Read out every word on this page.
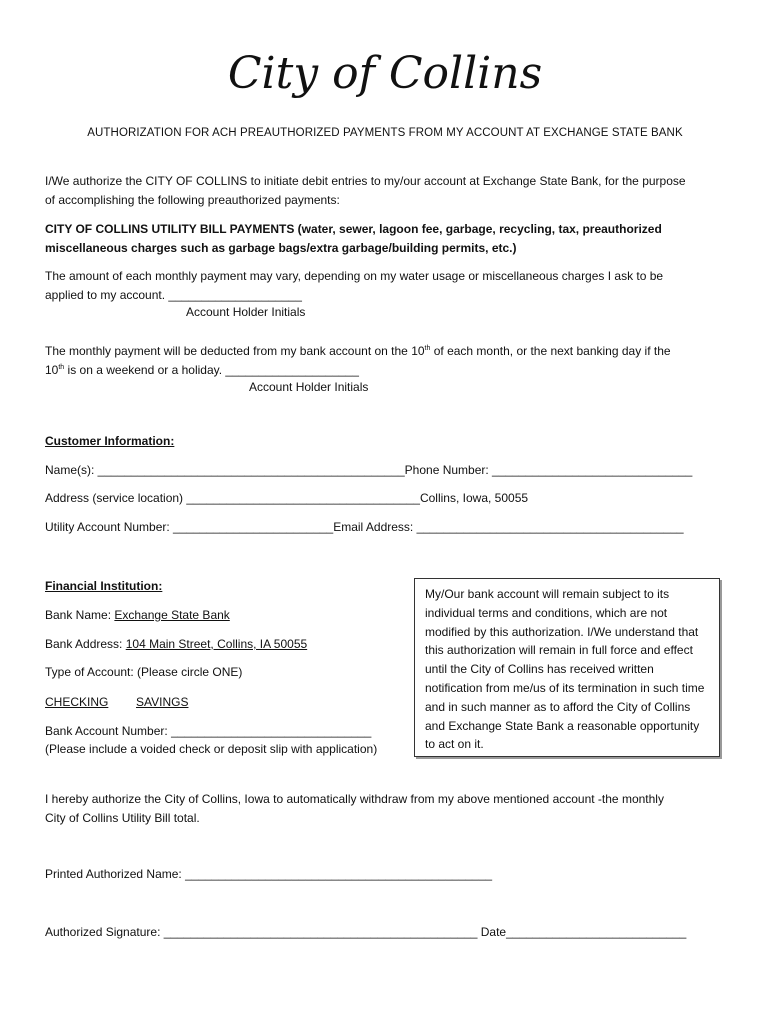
City of Collins
AUTHORIZATION FOR ACH PREAUTHORIZED PAYMENTS FROM MY ACCOUNT AT EXCHANGE STATE BANK
I/We authorize the CITY OF COLLINS to initiate debit entries to my/our account at Exchange State Bank, for the purpose
of accomplishing the following preauthorized payments:
CITY OF COLLINS UTILITY BILL PAYMENTS (water, sewer, lagoon fee, garbage, recycling, tax, preauthorized
miscellaneous charges such as garbage bags/extra garbage/building permits, etc.)
The amount of each monthly payment may vary, depending on my water usage or miscellaneous charges I ask to be
applied to my account. ____________________
Account Holder Initials
The monthly payment will be deducted from my bank account on the 10th of each month, or the next banking day if the
10th is on a weekend or a holiday. ____________________
Account Holder Initials
Customer Information:
Name(s): ______________________________________________Phone Number: ______________________________
Address (service location) ___________________________________Collins, Iowa, 50055
Utility Account Number: ________________________Email Address: ________________________________________
Financial Institution:
Bank Name: Exchange State Bank
Bank Address: 104 Main Street, Collins, IA 50055
Type of Account: (Please circle ONE)
CHECKING SAVINGS
Bank Account Number: ______________________________
(Please include a voided check or deposit slip with application)
My/Our bank account will remain subject to its individual terms and conditions, which are not modified by this authorization. I/We understand that this authorization will remain in full force and effect until the City of Collins has received written notification from me/us of its termination in such time and in such manner as to afford the City of Collins and Exchange State Bank a reasonable opportunity to act on it.
I hereby authorize the City of Collins, Iowa to automatically withdraw from my above mentioned account -the monthly
City of Collins Utility Bill total.
Printed Authorized Name: ______________________________________________
Authorized Signature: _______________________________________________ Date___________________________
